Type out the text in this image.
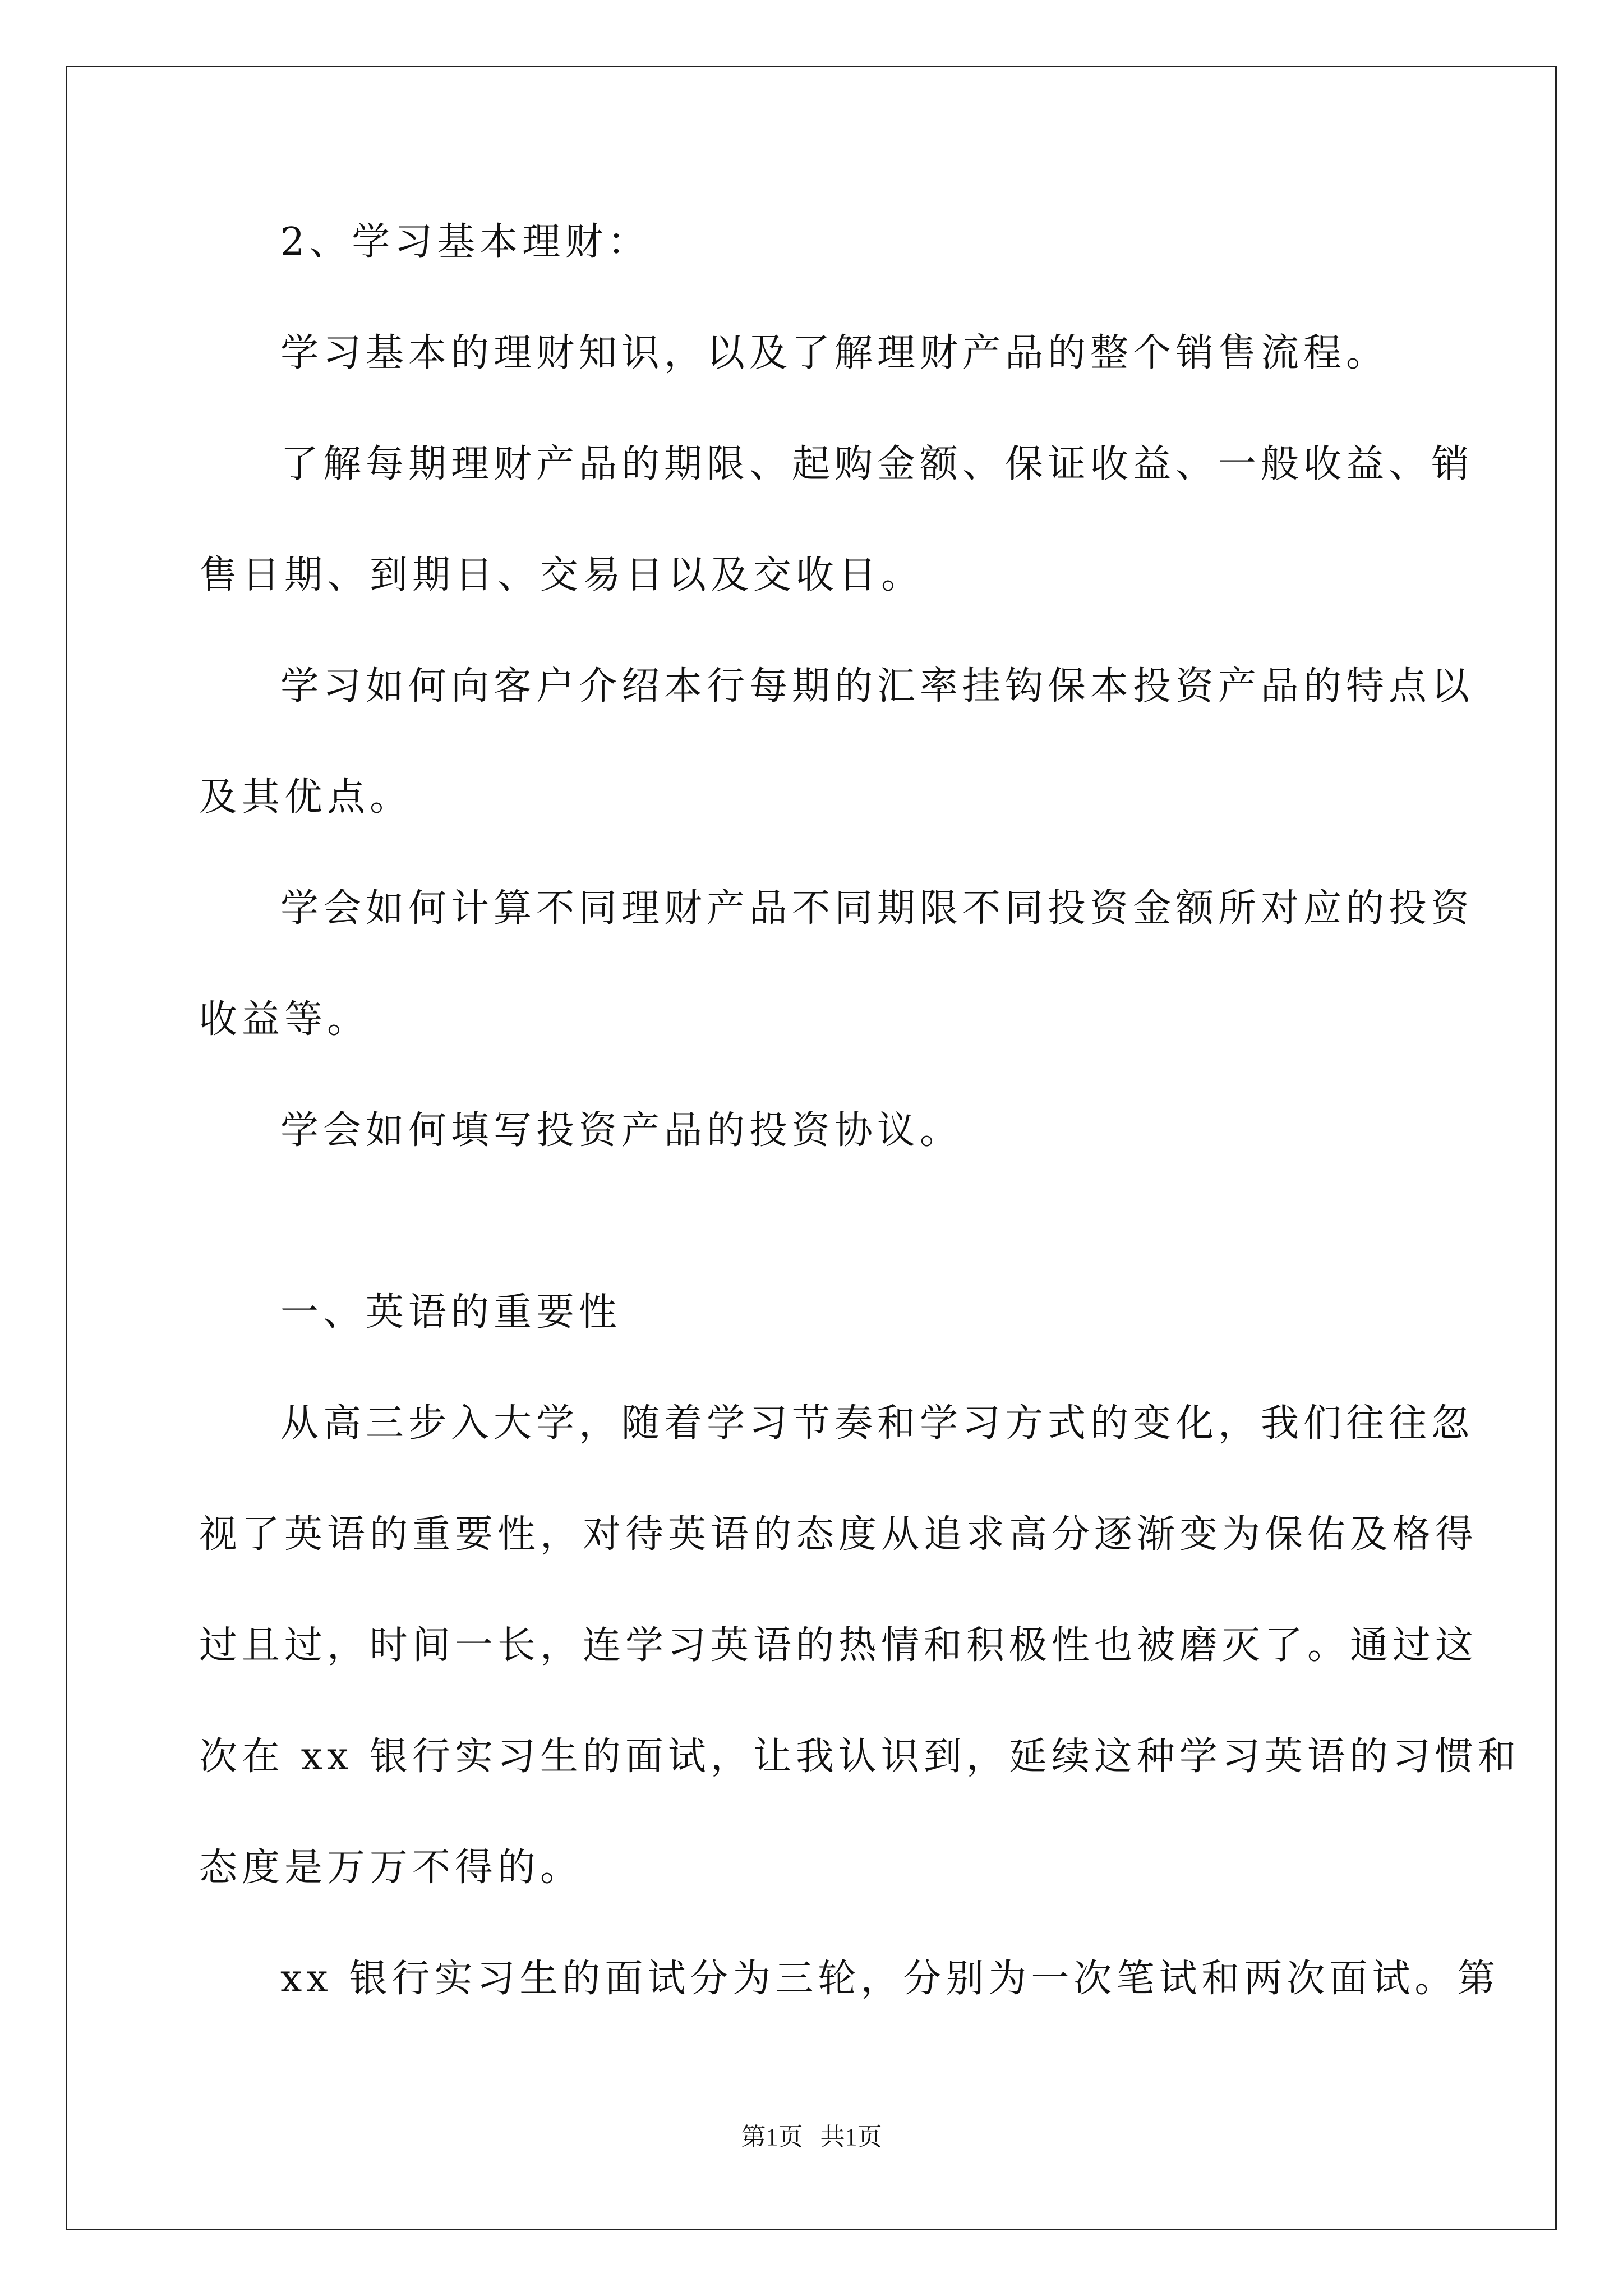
2、学习基本理财：
学习基本的理财知识，以及了解理财产品的整个销售流程。
了解每期理财产品的期限、起购金额、保证收益、一般收益、销
售日期、到期日、交易日以及交收日。
学习如何向客户介绍本行每期的汇率挂钩保本投资产品的特点以
及其优点。
学会如何计算不同理财产品不同期限不同投资金额所对应的投资
收益等。
学会如何填写投资产品的投资协议。
一、英语的重要性
从高三步入大学，随着学习节奏和学习方式的变化，我们往往忽
视了英语的重要性，对待英语的态度从追求高分逐渐变为保佑及格得
过且过，时间一长，连学习英语的热情和积极性也被磨灭了。通过这
次在 xx 银行实习生的面试，让我认识到，延续这种学习英语的习惯和
态度是万万不得的。
xx 银行实习生的面试分为三轮，分别为一次笔试和两次面试。第
第1页 共1页
